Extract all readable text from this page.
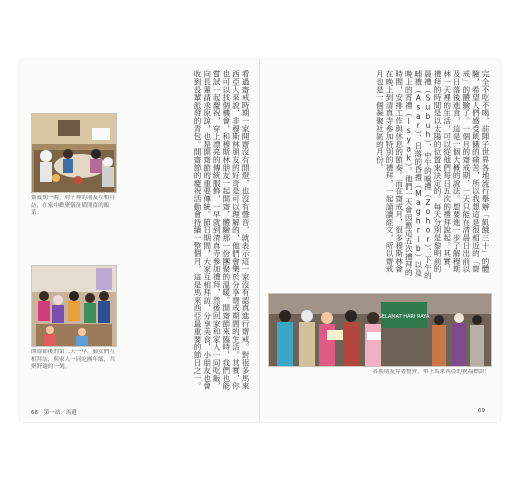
齋戒期一晚，村子裡的朋友互相拜訪，在家中歡聚儀征備開齋的飯菜。
開齋節後的第二天一早，婦女們互相拜訪，與家人一同吃團年飯，共聚舒適的一刻。	看過齋戒時期一家開齋沒有開燈，也沒有聲音，就表示這一家沒有認真進行齋戒。對很多馬來西亞人來說，非穆斯林朋友的好奇是可以理解的，他們會樂於分享齋戒期間的生活。其實，你也可以找個機會，和穆斯林朋友一起開齋，體驗那一份團聚的溫暖。開齋節來臨時，我們也能嘗試一起慶祝，穿上漂亮的傳統服飾，一早就到清真寺參加禮拜，然後回家和家人一同吃飯，向長輩請求原諒，也是開齋節的重要傳統。節日期間，大家互相拜訪，分享美食，小朋友也會收到長輩派發的青包。開齋節的慶祝活動會持續一整個月，這是馬來西亞最重要的節日之一。
68 第一站／馬遺
完全不吃不喝，前陣子世界各地流行舉辦「飢餓三十」的體驗，希望人們感受飢餓的痛苦，所以我想這是很相近的「齋戒」的體驗了。一個月的齋戒期，一天只能在清晨日出前以及日落後進食，這是一個大概的說法。想要進一步了解穆斯林一天裡的生活，可以從他們每日五次的禮拜說起。其實，禮拜的時間是以太陽的位置來決定的。每天分別是黎明前的晨禮（Subuh）、中午的晌禮（Zohor）、下午的晡禮（Asar）、日落的昏禮（Maghrib）以及晚上的宵禮（Isyak）。他們一天會因應這五次禮拜的時間，安排工作與休息的節奏。而在齋戒月，很多穆斯林會在晚上到清真寺參加特別的禮拜，一起誦讀經文，所以齋戒月也是一個凝聚社區的月份。
SELAMAT HARI RAYA
各族朋友穿著整齊，舉上馬來西亞的祝福標語！
69
